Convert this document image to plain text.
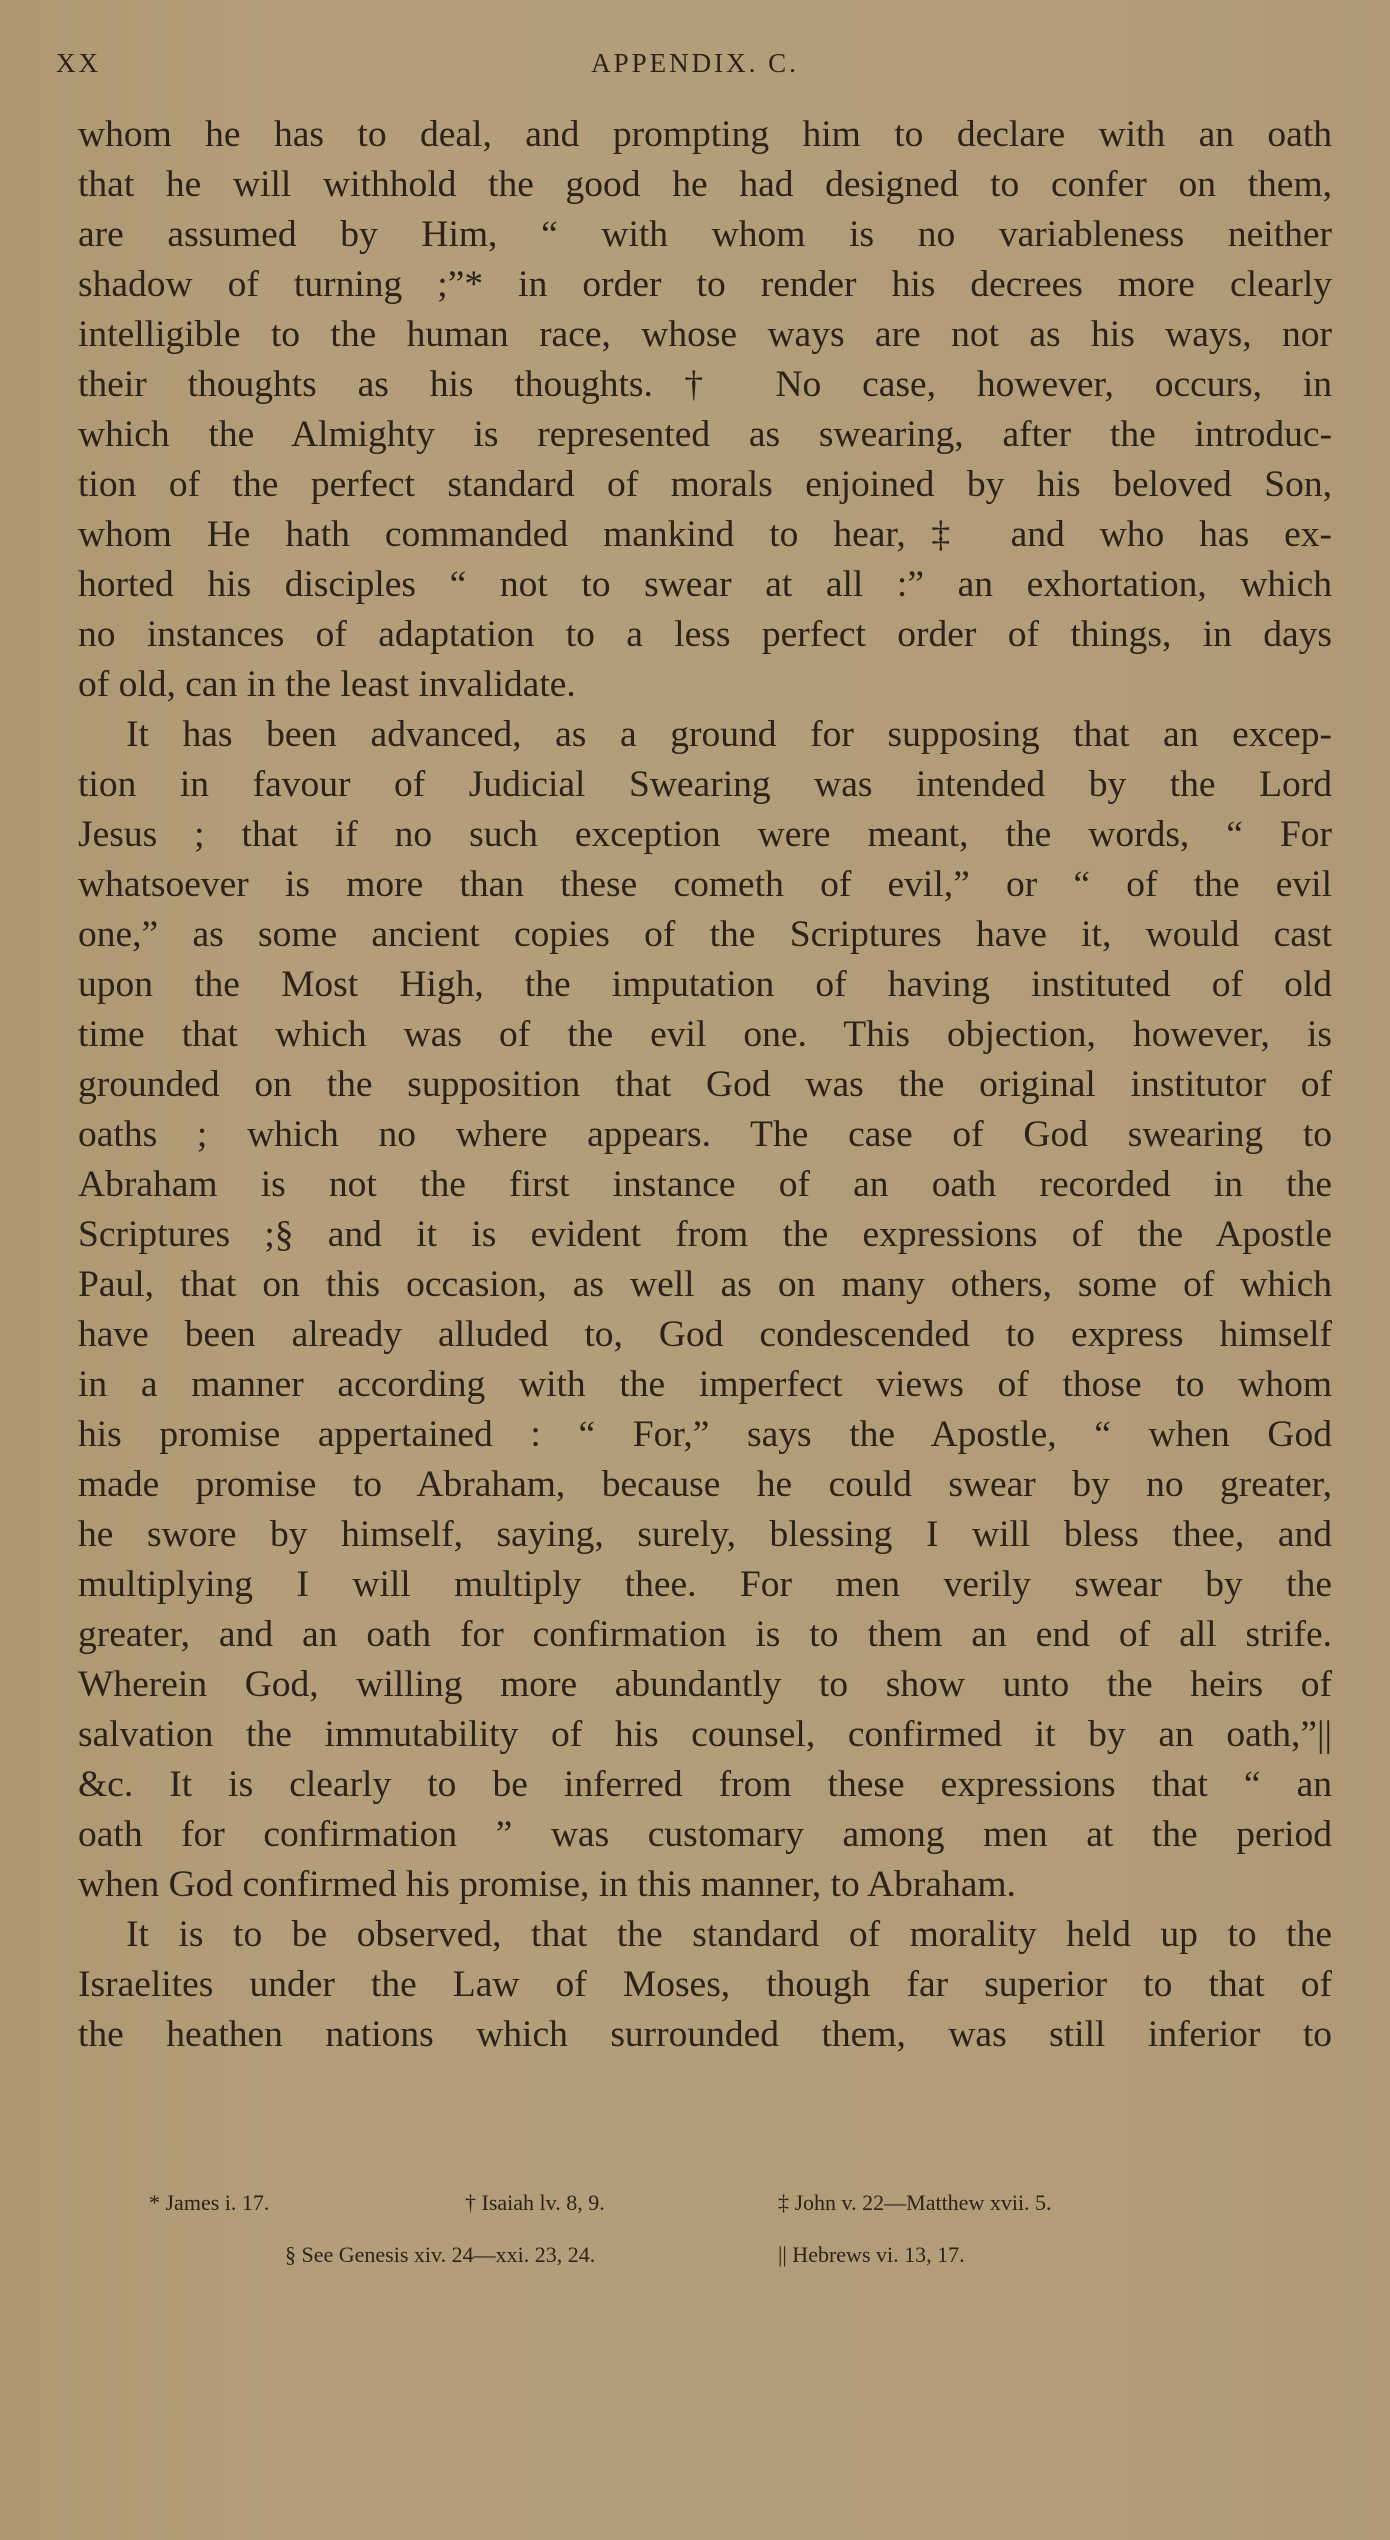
XX	APPENDIX. C.
whom he has to deal, and prompting him to declare with an oath
that he will withhold the good he had designed to confer on them,
are assumed by Him, “ with whom is no variableness neither
shadow of turning ;”* in order to render his decrees more clearly
intelligible to the human race, whose ways are not as his ways, nor
their thoughts as his thoughts.† No case, however, occurs, in
which the Almighty is represented as swearing, after the introduc-
tion of the perfect standard of morals enjoined by his beloved Son,
whom He hath commanded mankind to hear,‡ and who has ex-
horted his disciples “ not to swear at all :” an exhortation, which
no instances of adaptation to a less perfect order of things, in days
of old, can in the least invalidate.
It has been advanced, as a ground for supposing that an excep-
tion in favour of Judicial Swearing was intended by the Lord
Jesus ; that if no such exception were meant, the words, “ For
whatsoever is more than these cometh of evil,” or “ of the evil
one,” as some ancient copies of the Scriptures have it, would cast
upon the Most High, the imputation of having instituted of old
time that which was of the evil one. This objection, however, is
grounded on the supposition that God was the original institutor of
oaths ; which no where appears. The case of God swearing to
Abraham is not the first instance of an oath recorded in the
Scriptures ;§ and it is evident from the expressions of the Apostle
Paul, that on this occasion, as well as on many others, some of which
have been already alluded to, God condescended to express himself
in a manner according with the imperfect views of those to whom
his promise appertained : “ For,” says the Apostle, “ when God
made promise to Abraham, because he could swear by no greater,
he swore by himself, saying, surely, blessing I will bless thee, and
multiplying I will multiply thee. For men verily swear by the
greater, and an oath for confirmation is to them an end of all strife.
Wherein God, willing more abundantly to show unto the heirs of
salvation the immutability of his counsel, confirmed it by an oath,”||
&c. It is clearly to be inferred from these expressions that “ an
oath for confirmation ” was customary among men at the period
when God confirmed his promise, in this manner, to Abraham.
It is to be observed, that the standard of morality held up to the
Israelites under the Law of Moses, though far superior to that of
the heathen nations which surrounded them, was still inferior to
* James i. 17.	† Isaiah lv. 8, 9.	‡ John v. 22—Matthew xvii. 5.
§ See Genesis xiv. 24—xxi. 23, 24.	|| Hebrews vi. 13, 17.
